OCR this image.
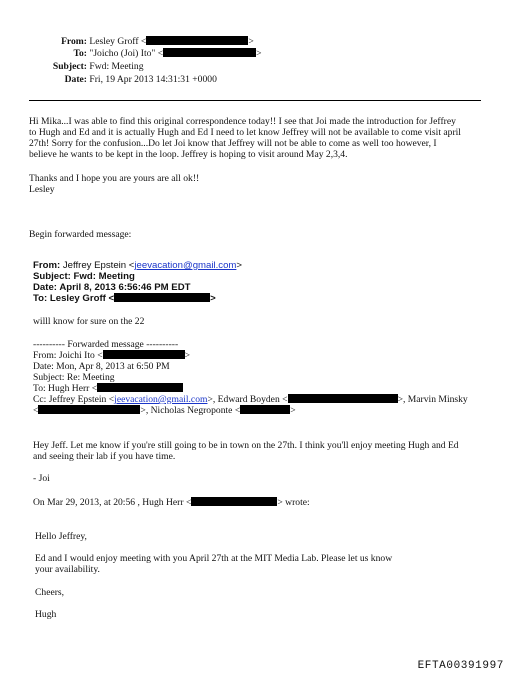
From: Lesley Groff <	>
To: "Joicho (Joi) Ito" <	>
Subject: Fwd: Meeting
Date: Fri, 19 Apr 2013 14:31:31 +0000
Hi Mika...I was able to find this original correspondence today!! I see that Joi made the introduction for Jeffrey
to Hugh and Ed and it is actually Hugh and Ed I need to let know Jeffrey will not be available to come visit april
27th! Sorry for the confusion...Do let Joi know that Jeffrey will not be able to come as well too however, I
believe he wants to be kept in the loop. Jeffrey is hoping to visit around May 2,3,4.
Thanks and I hope you are yours are all ok!!
Lesley
Begin forwarded message:
From: Jeffrey Epstein <jeevacation@gmail.com>
Subject: Fwd: Meeting
Date: April 8, 2013 6:56:46 PM EDT
To: Lesley Groff <	>
willl know for sure on the 22
---------- Forwarded message ----------
From: Joichi Ito <	>
Date: Mon, Apr 8, 2013 at 6:50 PM
Subject: Re: Meeting
To: Hugh Herr <
Cc: Jeffrey Epstein <jeevacation@gmail.com>, Edward Boyden <	>, Marvin Minsky
<	>, Nicholas Negroponte <	>
Hey Jeff. Let me know if you're still going to be in town on the 27th. I think you'll enjoy meeting Hugh and Ed
and seeing their lab if you have time.
- Joi
On Mar 29, 2013, at 20:56 , Hugh Herr <	> wrote:
Hello Jeffrey,
Ed and I would enjoy meeting with you April 27th at the MIT Media Lab. Please let us know
your availability.
Cheers,
Hugh
EFTA00391997
